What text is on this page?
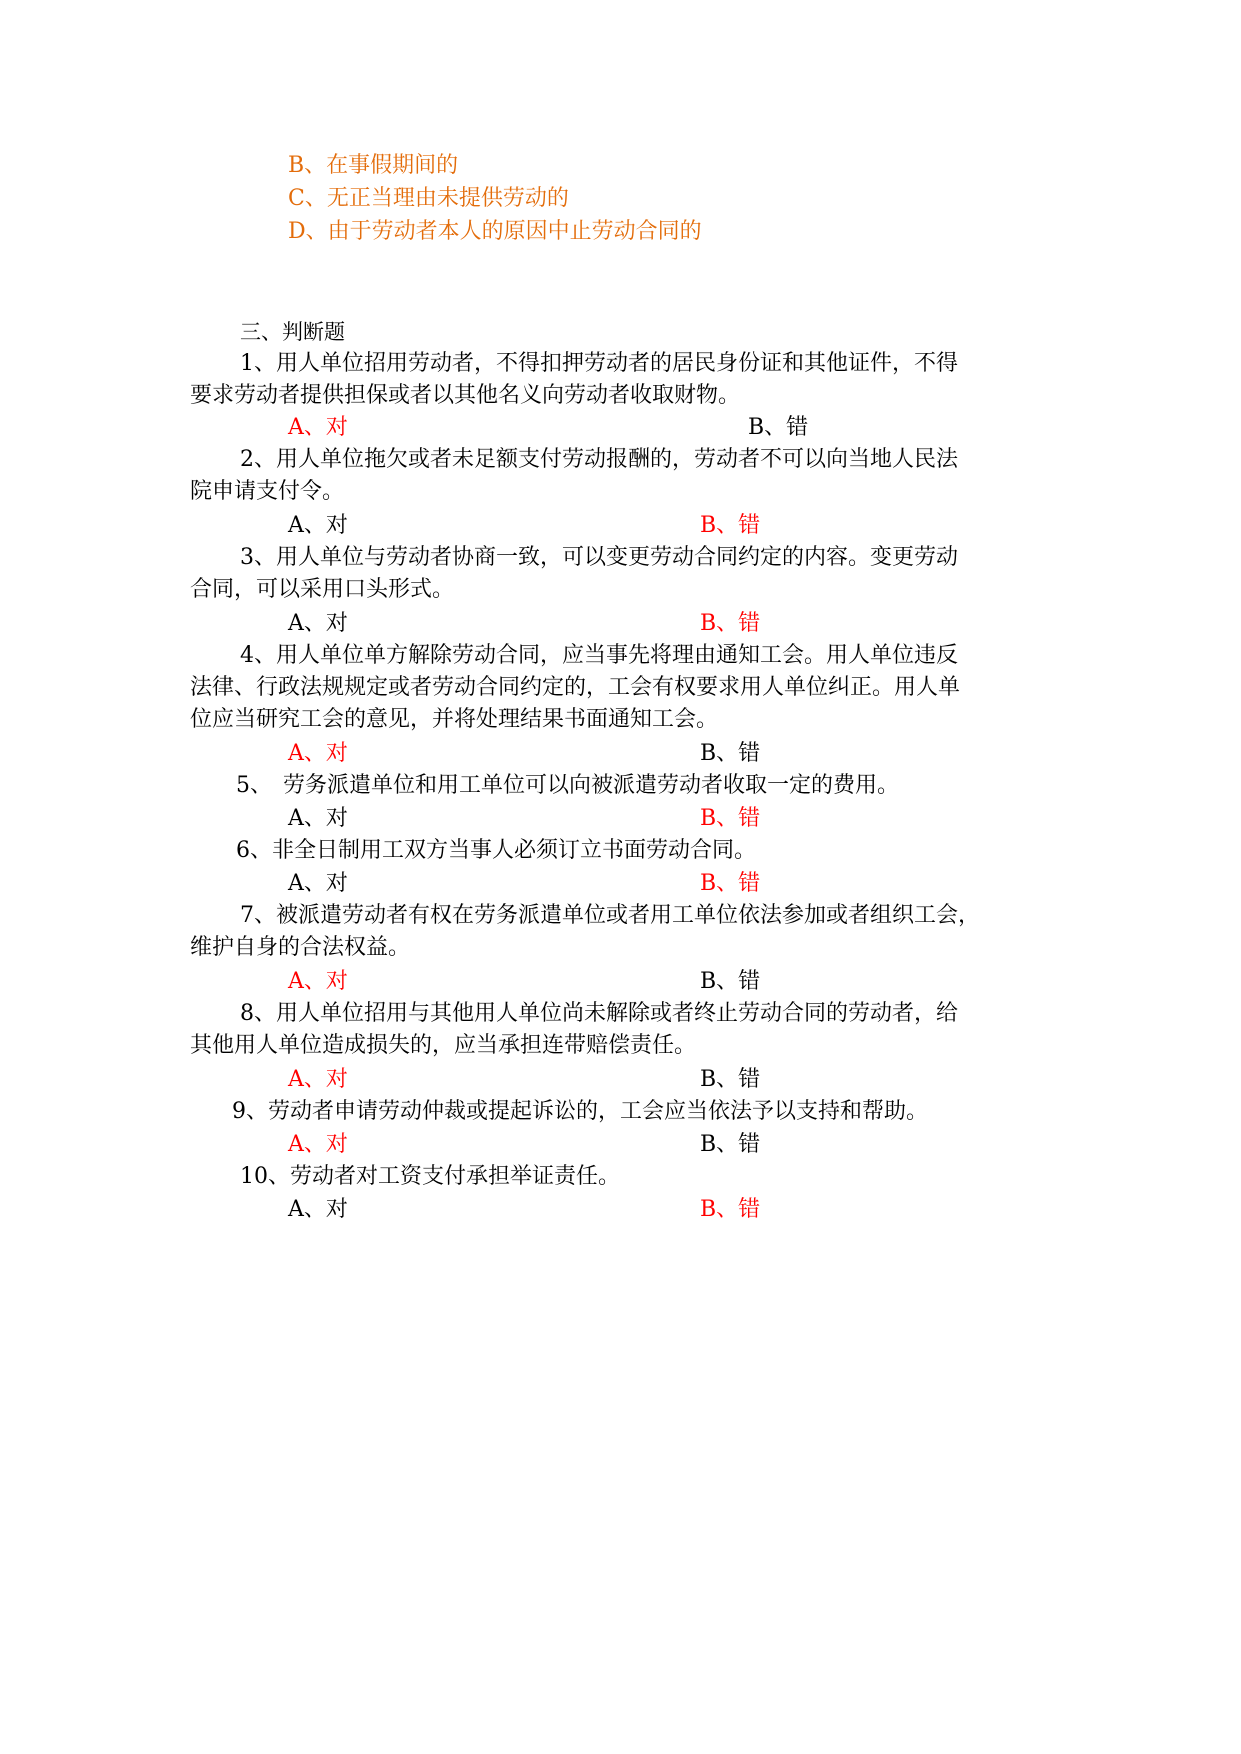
B、在事假期间的
C、无正当理由未提供劳动的
D、由于劳动者本人的原因中止劳动合同的
三、判断题
1、用人单位招用劳动者，不得扣押劳动者的居民身份证和其他证件，不得
要求劳动者提供担保或者以其他名义向劳动者收取财物。
A、对	B、错
2、用人单位拖欠或者未足额支付劳动报酬的，劳动者不可以向当地人民法
院申请支付令。
A、对	B、错
3、用人单位与劳动者协商一致，可以变更劳动合同约定的内容。变更劳动
合同，可以采用口头形式。
A、对	B、错
4、用人单位单方解除劳动合同，应当事先将理由通知工会。用人单位违反
法律、行政法规规定或者劳动合同约定的，工会有权要求用人单位纠正。用人单
位应当研究工会的意见，并将处理结果书面通知工会。
A、对	B、错
5、　劳务派遣单位和用工单位可以向被派遣劳动者收取一定的费用。
A、对	B、错
6、非全日制用工双方当事人必须订立书面劳动合同。
A、对	B、错
7、被派遣劳动者有权在劳务派遣单位或者用工单位依法参加或者组织工会，
维护自身的合法权益。
A、对	B、错
8、用人单位招用与其他用人单位尚未解除或者终止劳动合同的劳动者，给
其他用人单位造成损失的，应当承担连带赔偿责任。
A、对	B、错
9、劳动者申请劳动仲裁或提起诉讼的，工会应当依法予以支持和帮助。
A、对	B、错
10、劳动者对工资支付承担举证责任。
A、对	B、错
